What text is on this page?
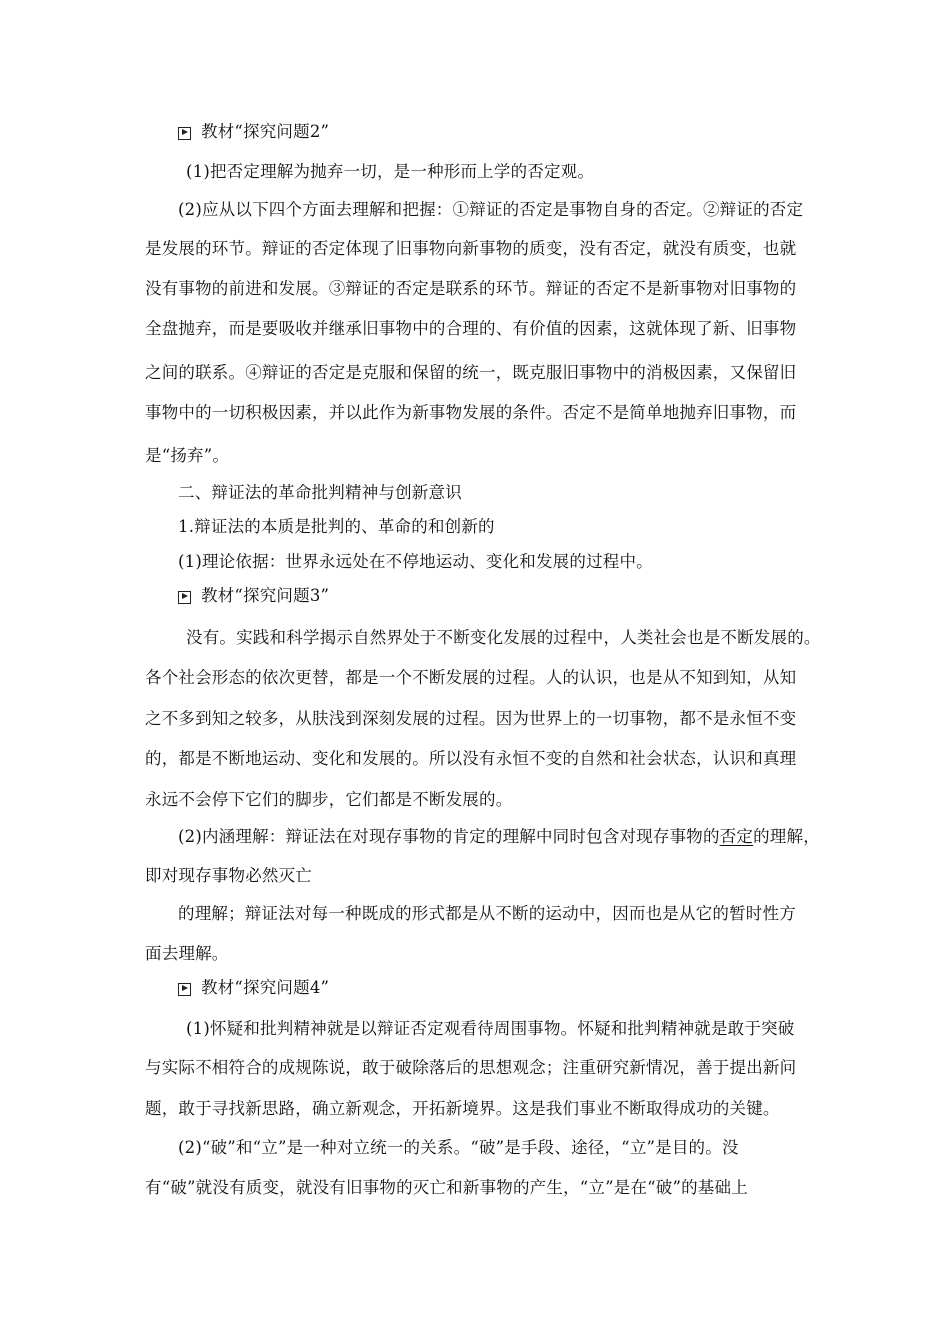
教材“探究问题2”
(1)把否定理解为抛弃一切，是一种形而上学的否定观。
(2)应从以下四个方面去理解和把握：①辩证的否定是事物自身的否定。②辩证的否定
是发展的环节。辩证的否定体现了旧事物向新事物的质变，没有否定，就没有质变，也就
没有事物的前进和发展。③辩证的否定是联系的环节。辩证的否定不是新事物对旧事物的
全盘抛弃，而是要吸收并继承旧事物中的合理的、有价值的因素，这就体现了新、旧事物
之间的联系。④辩证的否定是克服和保留的统一，既克服旧事物中的消极因素，又保留旧
事物中的一切积极因素，并以此作为新事物发展的条件。否定不是简单地抛弃旧事物，而
是“扬弃”。
二、辩证法的革命批判精神与创新意识
1.辩证法的本质是批判的、革命的和创新的
(1)理论依据：世界永远处在不停地运动、变化和发展的过程中。
教材“探究问题3”
没有。实践和科学揭示自然界处于不断变化发展的过程中，人类社会也是不断发展的。
各个社会形态的依次更替，都是一个不断发展的过程。人的认识，也是从不知到知，从知
之不多到知之较多，从肤浅到深刻发展的过程。因为世界上的一切事物，都不是永恒不变
的，都是不断地运动、变化和发展的。所以没有永恒不变的自然和社会状态，认识和真理
永远不会停下它们的脚步，它们都是不断发展的。
(2)内涵理解：辩证法在对现存事物的肯定的理解中同时包含对现存事物的否定的理解，
即对现存事物必然灭亡
的理解；辩证法对每一种既成的形式都是从不断的运动中，因而也是从它的暂时性方
面去理解。
教材“探究问题4”
(1)怀疑和批判精神就是以辩证否定观看待周围事物。怀疑和批判精神就是敢于突破
与实际不相符合的成规陈说，敢于破除落后的思想观念；注重研究新情况，善于提出新问
题，敢于寻找新思路，确立新观念，开拓新境界。这是我们事业不断取得成功的关键。
(2)“破”和“立”是一种对立统一的关系。“破”是手段、途径，“立”是目的。没
有“破”就没有质变，就没有旧事物的灭亡和新事物的产生，“立”是在“破”的基础上
